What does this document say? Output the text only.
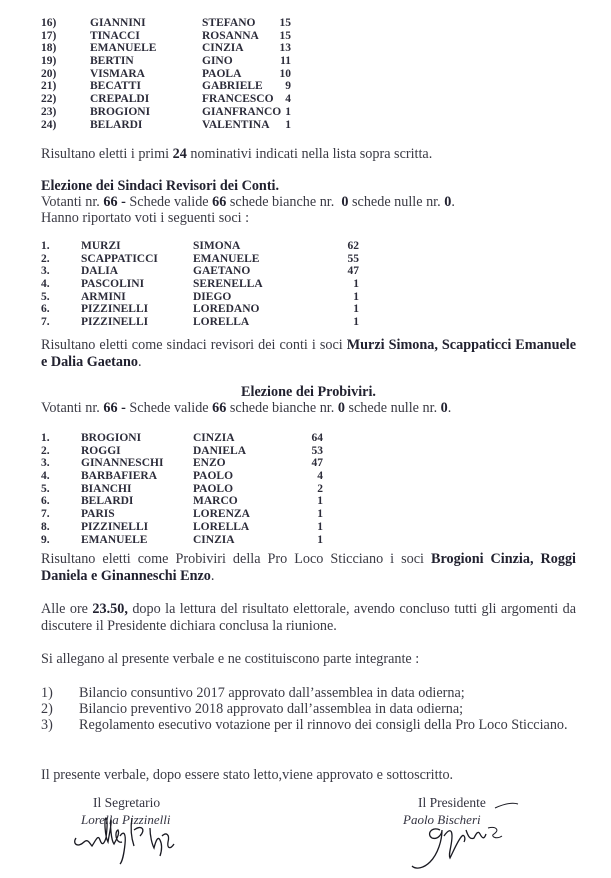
16)	GIANNINI	STEFANO	15
17)	TINACCI	ROSANNA	15
18)	EMANUELE	CINZIA	13
19)	BERTIN	GINO	11
20)	VISMARA	PAOLA	10
21)	BECATTI	GABRIELE	9
22)	CREPALDI	FRANCESCO	4
23)	BROGIONI	GIANFRANCO 1
24)	BELARDI	VALENTINA	1
Risultano eletti i primi 24 nominativi indicati nella lista sopra scritta.
Elezione dei Sindaci Revisori dei Conti.
Votanti nr. 66 - Schede valide 66 schede bianche nr.  0 schede nulle nr. 0.
Hanno riportato voti i seguenti soci :
1.	MURZI	SIMONA	62
2.	SCAPPATICCI	EMANUELE	55
3.	DALIA	GAETANO	47
4.	PASCOLINI	SERENELLA	1
5.	ARMINI	DIEGO	1
6.	PIZZINELLI	LOREDANO	1
7.	PIZZINELLI	LORELLA	1
Risultano eletti come sindaci revisori dei conti i soci Murzi Simona, Scappaticci Emanuele e Dalia Gaetano.
Elezione dei Probiviri.
Votanti nr. 66 - Schede valide 66 schede bianche nr. 0 schede nulle nr. 0.
1.	BROGIONI	CINZIA	64
2.	ROGGI	DANIELA	53
3.	GINANNESCHI	ENZO	47
4.	BARBAFIERA	PAOLO	4
5.	BIANCHI	PAOLO	2
6.	BELARDI	MARCO	1
7.	PARIS	LORENZA	1
8.	PIZZINELLI	LORELLA	1
9.	EMANUELE	CINZIA	1
Risultano eletti come Probiviri della Pro Loco Sticciano i soci Brogioni Cinzia, Roggi Daniela e Ginanneschi Enzo.
Alle ore 23.50, dopo la lettura del risultato elettorale, avendo concluso tutti gli argomenti da discutere il Presidente dichiara conclusa la riunione.
Si allegano al presente verbale e ne costituiscono parte integrante :
1) Bilancio consuntivo 2017 approvato dall’assemblea in data odierna;
2) Bilancio preventivo 2018 approvato dall’assemblea in data odierna;
3) Regolamento esecutivo votazione per il rinnovo dei consigli della Pro Loco Sticciano.
Il presente verbale, dopo essere stato letto,viene approvato e sottoscritto.
Il Segretario
Lorella Pizzinelli
Il Presidente
Paolo Bischeri
